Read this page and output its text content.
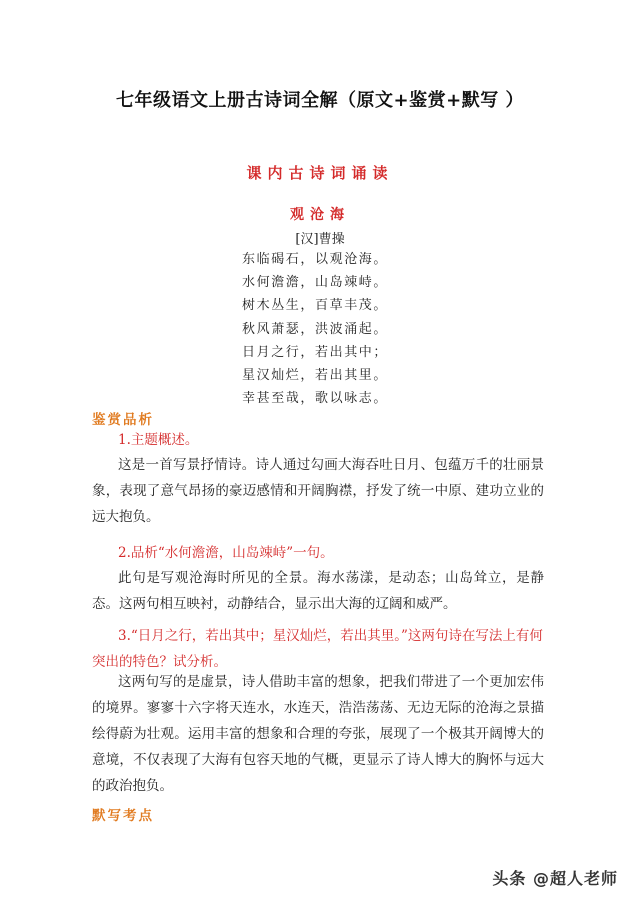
七年级语文上册古诗词全解（原文+鉴赏+默写 ）
课内古诗词诵读
观沧海
[汉]曹操
东临碣石，以观沧海。
水何澹澹，山岛竦峙。
树木丛生，百草丰茂。
秋风萧瑟，洪波涌起。
日月之行，若出其中；
星汉灿烂，若出其里。
幸甚至哉，歌以咏志。
鉴赏品析
1.主题概述。
这是一首写景抒情诗。诗人通过勾画大海吞吐日月、包蕴万千的壮丽景象，表现了意气昂扬的豪迈感情和开阔胸襟，抒发了统一中原、建功立业的远大抱负。
2.品析“水何澹澹，山岛竦峙”一句。
此句是写观沧海时所见的全景。海水荡漾，是动态；山岛耸立，是静态。这两句相互映衬，动静结合，显示出大海的辽阔和威严。
3.“日月之行，若出其中；星汉灿烂，若出其里。”这两句诗在写法上有何突出的特色？试分析。
这两句写的是虚景，诗人借助丰富的想象，把我们带进了一个更加宏伟的境界。寥寥十六字将天连水，水连天，浩浩荡荡、无边无际的沧海之景描绘得蔚为壮观。运用丰富的想象和合理的夸张，展现了一个极其开阔博大的意境，不仅表现了大海有包容天地的气概，更显示了诗人博大的胸怀与远大的政治抱负。
默写考点
头条 @超人老师
